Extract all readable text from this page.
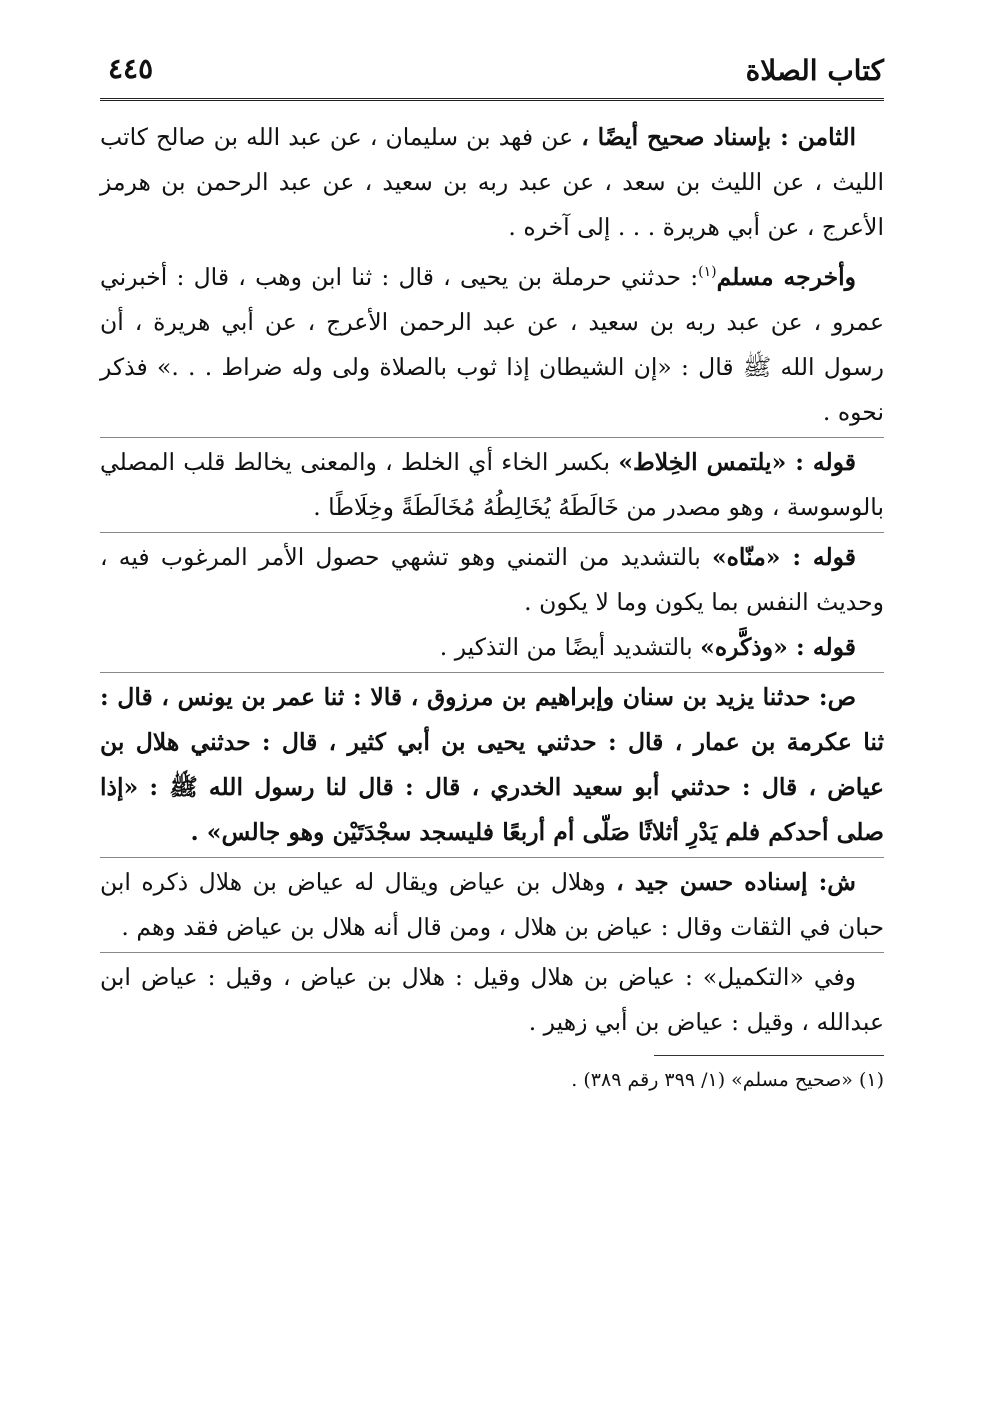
كتاب الصلاة
٤٤٥

الثامن : بإسناد صحيح أيضًا ، عن فهد بن سليمان ، عن عبد الله بن صالح كاتب الليث ، عن الليث بن سعد ، عن عبد ربه بن سعيد ، عن عبد الرحمن بن هرمز الأعرج ، عن أبي هريرة . . . إلى آخره .

وأخرجه مسلم$^{(١)}$: حدثني حرملة بن يحيى ، قال : ثنا ابن وهب ، قال : أخبرني عمرو ، عن عبد ربه بن سعيد ، عن عبد الرحمن الأعرج ، عن أبي هريرة ، أن رسول الله ﷺ قال : «إن الشيطان إذا ثوب بالصلاة ولى وله ضراط . . .» فذكر نحوه .

قوله : «يلتمس الخِلاط» بكسر الخاء أي الخلط ، والمعنى يخالط قلب المصلي بالوسوسة ، وهو مصدر من خَالَطَهُ يُخَالِطُهُ مُخَالَطَةً وخِلَاطًا .

قوله : «منّاه» بالتشديد من التمني وهو تشهي حصول الأمر المرغوب فيه ، وحديث النفس بما يكون وما لا يكون .

قوله : «وذكَّره» بالتشديد أيضًا من التذكير .

ص: حدثنا يزيد بن سنان وإبراهيم بن مرزوق ، قالا : ثنا عمر بن يونس ، قال : ثنا عكرمة بن عمار ، قال : حدثني يحيى بن أبي كثير ، قال : حدثني هلال بن عياض ، قال : حدثني أبو سعيد الخدري ، قال : قال لنا رسول الله ﷺ : «إذا صلى أحدكم فلم يَدْرِ أثلاثًا صَلّى أم أربعًا فليسجد سجْدَتَيْن وهو جالس» .

ش: إسناده حسن جيد ، وهلال بن عياض ويقال له عياض بن هلال ذكره ابن حبان في الثقات وقال : عياض بن هلال ، ومن قال أنه هلال بن عياض فقد وهم .

وفي «التكميل» : عياض بن هلال وقيل : هلال بن عياض ، وقيل : عياض ابن عبدالله ، وقيل : عياض بن أبي زهير .

(١) «صحيح مسلم» (١/ ٣٩٩ رقم ٣٨٩) .
